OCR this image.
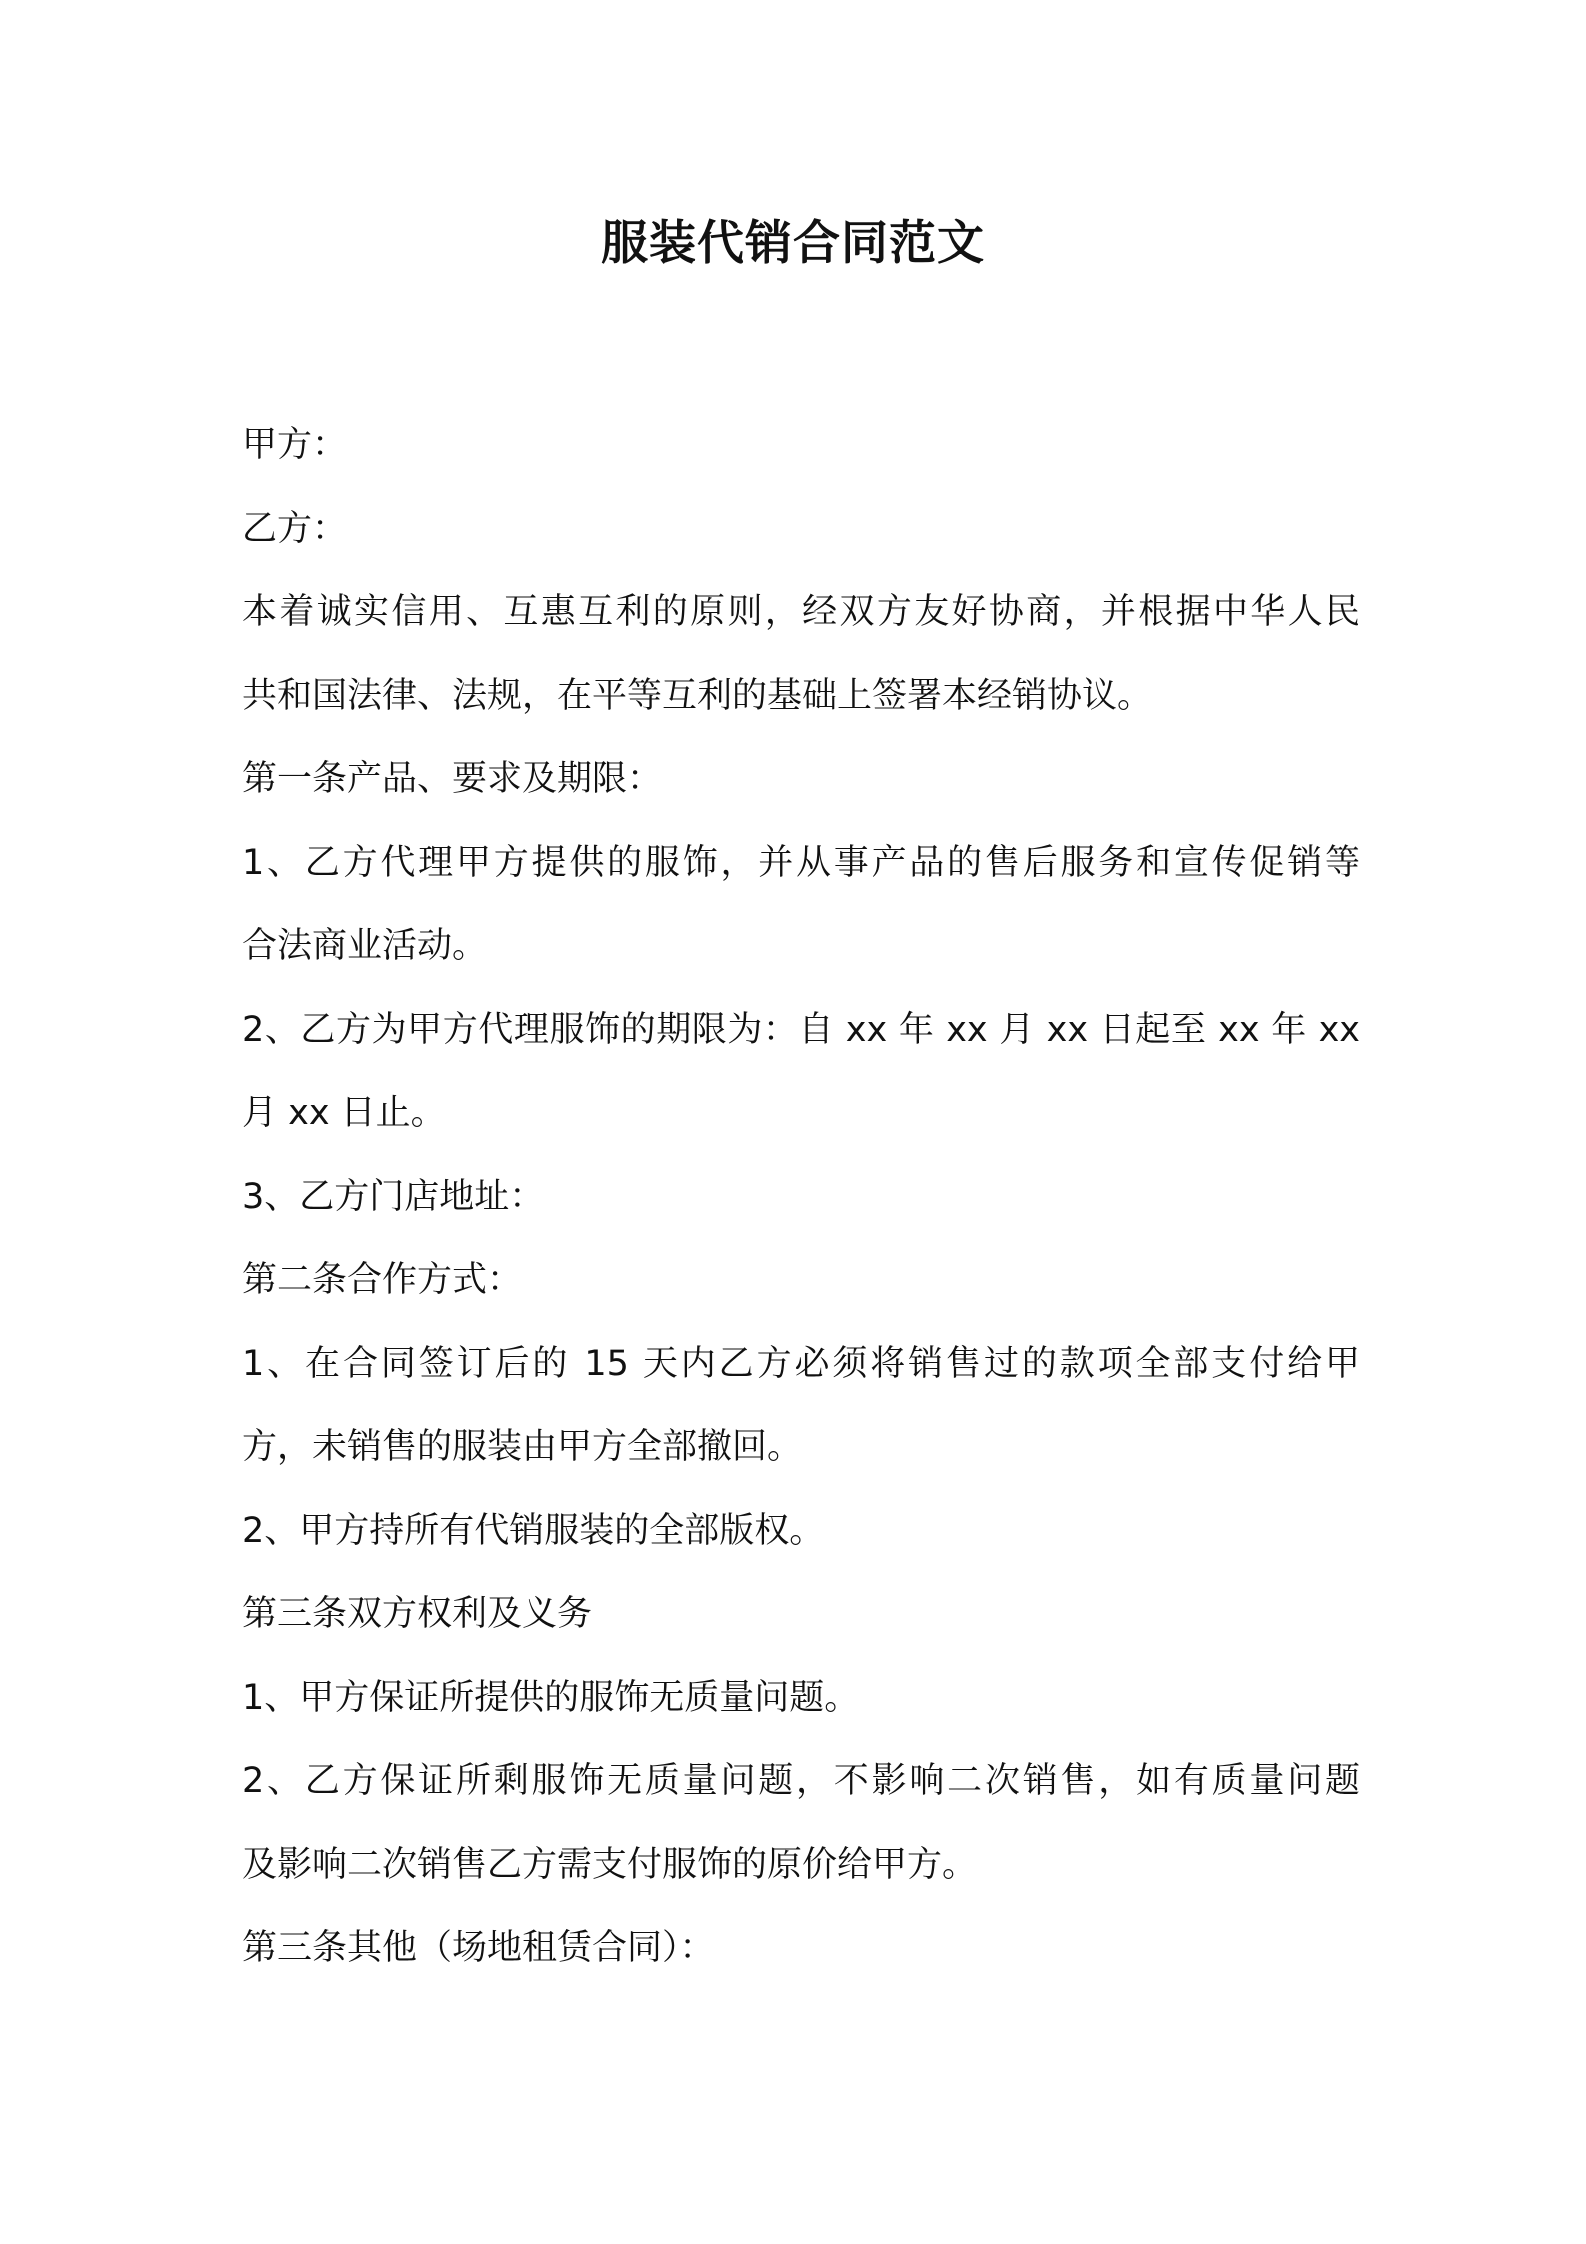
服装代销合同范文
甲方：
乙方：
本着诚实信用、互惠互利的原则，经双方友好协商，并根据中华人民
共和国法律、法规，在平等互利的基础上签署本经销协议。
第一条产品、要求及期限：
1、乙方代理甲方提供的服饰，并从事产品的售后服务和宣传促销等
合法商业活动。
2、乙方为甲方代理服饰的期限为：自 xx 年 xx 月 xx 日起至 xx 年 xx
月 xx 日止。
3、乙方门店地址：
第二条合作方式：
1、在合同签订后的 15 天内乙方必须将销售过的款项全部支付给甲
方，未销售的服装由甲方全部撤回。
2、甲方持所有代销服装的全部版权。
第三条双方权利及义务
1、甲方保证所提供的服饰无质量问题。
2、乙方保证所剩服饰无质量问题，不影响二次销售，如有质量问题
及影响二次销售乙方需支付服饰的原价给甲方。
第三条其他（场地租赁合同）：
